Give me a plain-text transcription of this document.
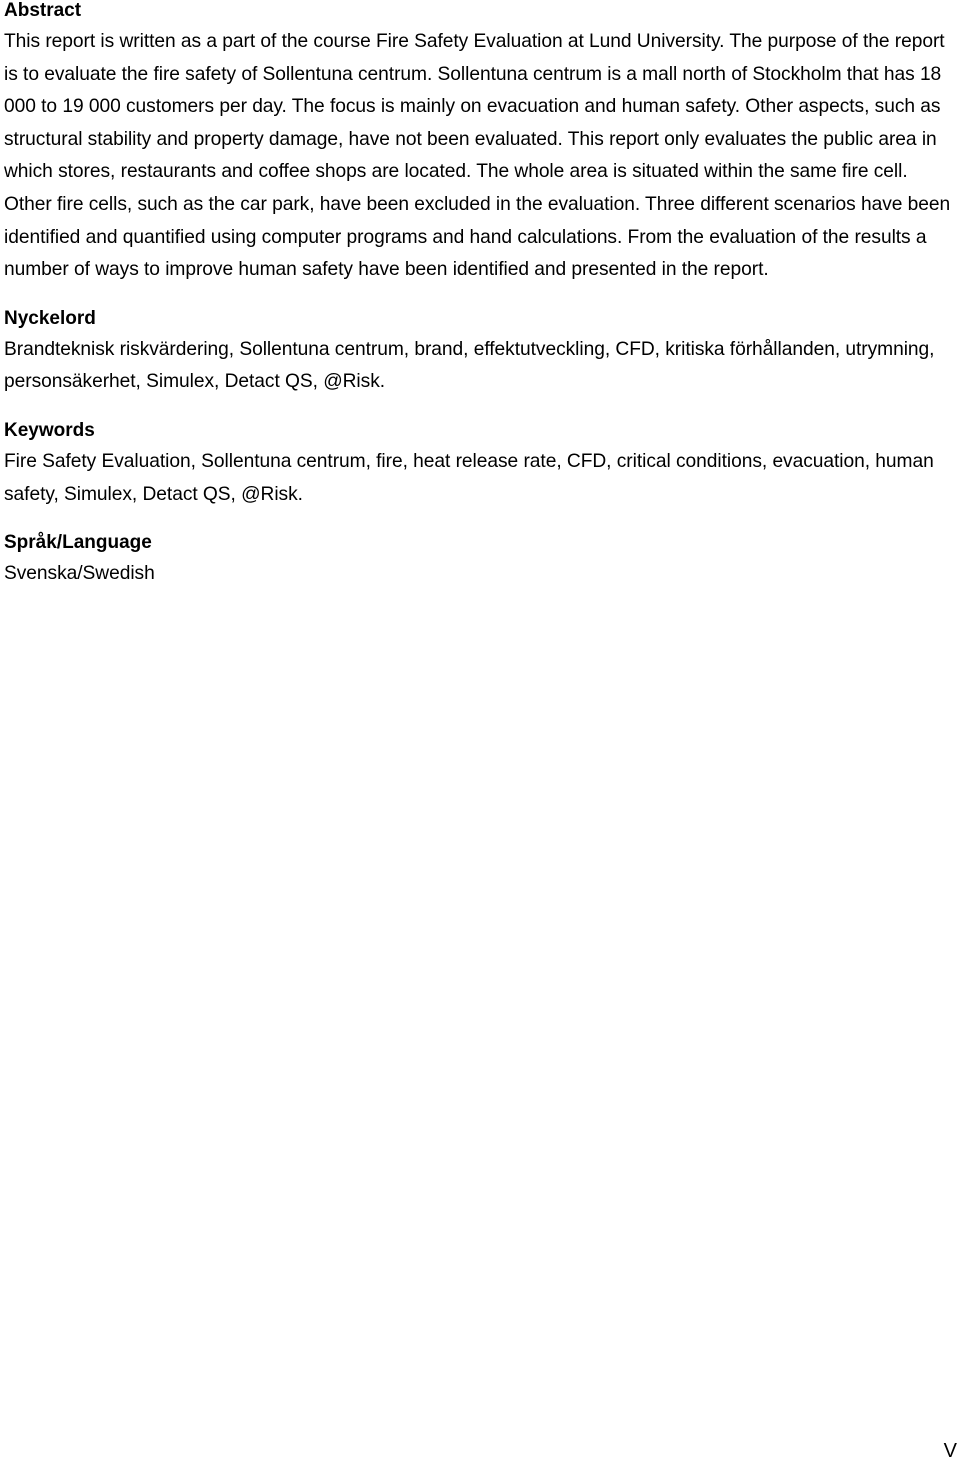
Abstract

This report is written as a part of the course Fire Safety Evaluation at Lund University. The purpose of the report is to evaluate the fire safety of Sollentuna centrum. Sollentuna centrum is a mall north of Stockholm that has 18 000 to 19 000 customers per day. The focus is mainly on evacuation and human safety. Other aspects, such as structural stability and property damage, have not been evaluated. This report only evaluates the public area in which stores, restaurants and coffee shops are located. The whole area is situated within the same fire cell. Other fire cells, such as the car park, have been excluded in the evaluation. Three different scenarios have been identified and quantified using computer programs and hand calculations. From the evaluation of the results a number of ways to improve human safety have been identified and presented in the report.

Nyckelord

Brandteknisk riskvärdering, Sollentuna centrum, brand, effektutveckling, CFD, kritiska förhållanden, utrymning, personsäkerhet, Simulex, Detact QS, @Risk.

Keywords

Fire Safety Evaluation, Sollentuna centrum, fire, heat release rate, CFD, critical conditions, evacuation, human safety, Simulex, Detact QS, @Risk.

Språk/Language

Svenska/Swedish

V
